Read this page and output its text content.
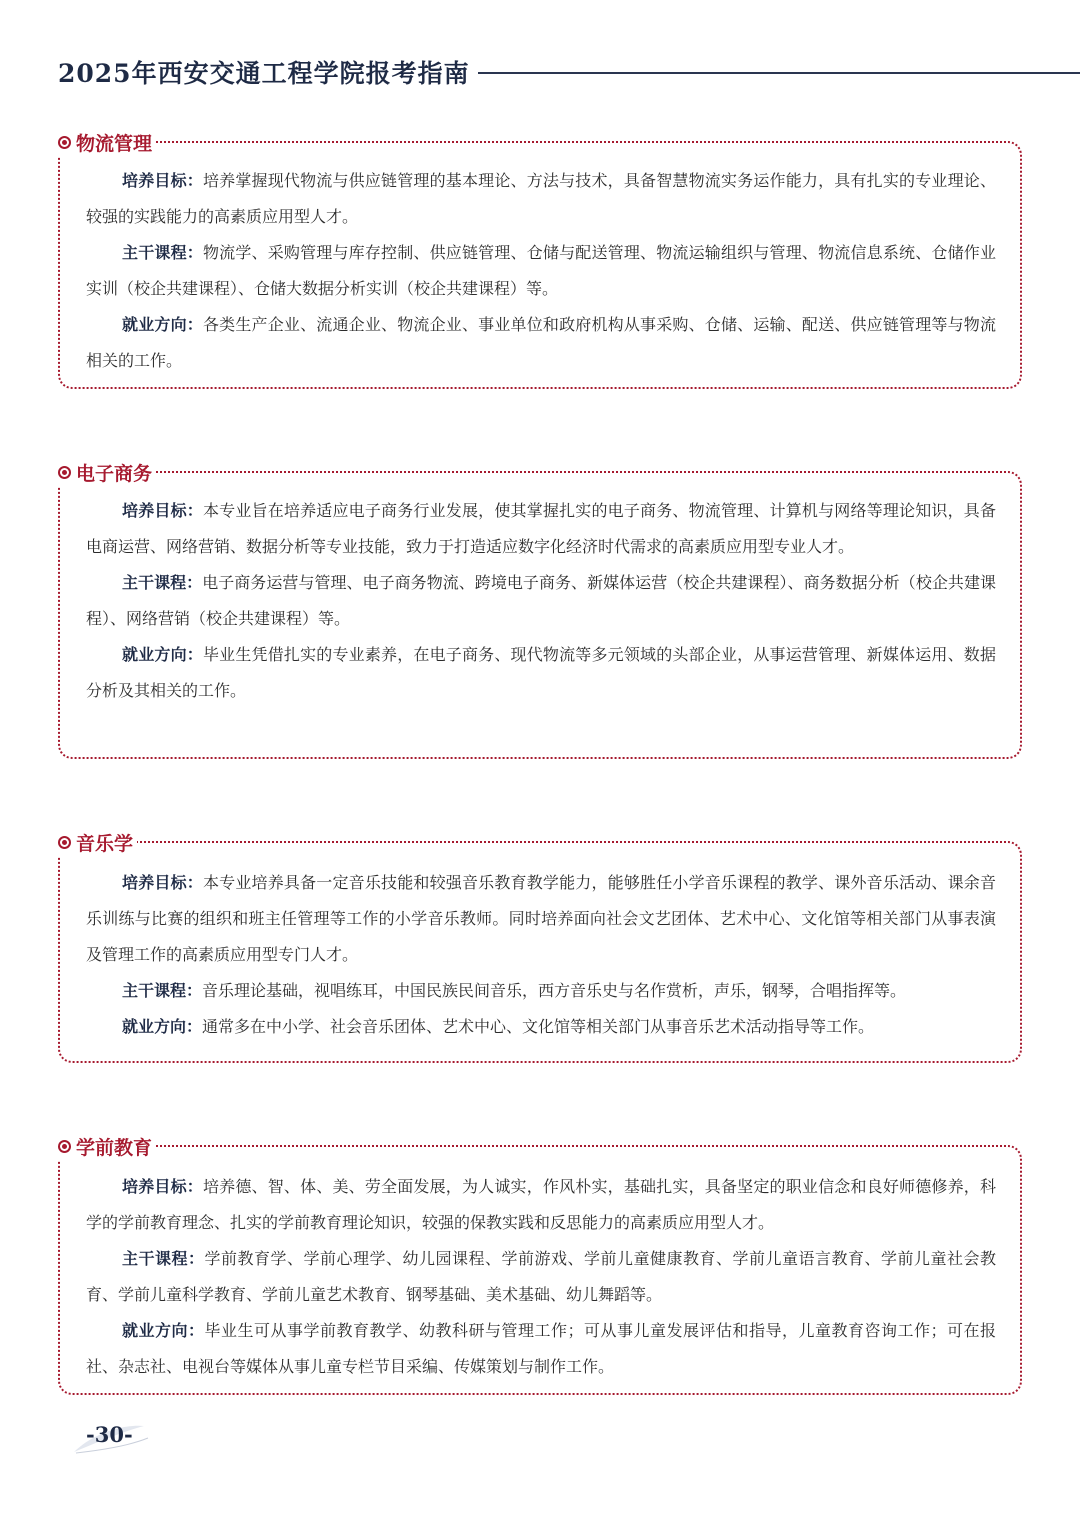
2025年西安交通工程学院报考指南
物流管理

培养目标：培养掌握现代物流与供应链管理的基本理论、方法与技术，具备智慧物流实务运作能力，具有扎实的专业理论、较强的实践能力的高素质应用型人才。

主干课程：物流学、采购管理与库存控制、供应链管理、仓储与配送管理、物流运输组织与管理、物流信息系统、仓储作业实训（校企共建课程）、仓储大数据分析实训（校企共建课程）等。

就业方向：各类生产企业、流通企业、物流企业、事业单位和政府机构从事采购、仓储、运输、配送、供应链管理等与物流相关的工作。

电子商务

培养目标：本专业旨在培养适应电子商务行业发展，使其掌握扎实的电子商务、物流管理、计算机与网络等理论知识，具备电商运营、网络营销、数据分析等专业技能，致力于打造适应数字化经济时代需求的高素质应用型专业人才。

主干课程：电子商务运营与管理、电子商务物流、跨境电子商务、新媒体运营（校企共建课程）、商务数据分析（校企共建课程）、网络营销（校企共建课程）等。

就业方向：毕业生凭借扎实的专业素养，在电子商务、现代物流等多元领域的头部企业，从事运营管理、新媒体运用、数据分析及其相关的工作。

音乐学

培养目标：本专业培养具备一定音乐技能和较强音乐教育教学能力，能够胜任小学音乐课程的教学、课外音乐活动、课余音乐训练与比赛的组织和班主任管理等工作的小学音乐教师。同时培养面向社会文艺团体、艺术中心、文化馆等相关部门从事表演及管理工作的高素质应用型专门人才。

主干课程：音乐理论基础，视唱练耳，中国民族民间音乐，西方音乐史与名作赏析，声乐，钢琴，合唱指挥等。

就业方向：通常多在中小学、社会音乐团体、艺术中心、文化馆等相关部门从事音乐艺术活动指导等工作。

学前教育

培养目标：培养德、智、体、美、劳全面发展，为人诚实，作风朴实，基础扎实，具备坚定的职业信念和良好师德修养，科学的学前教育理念、扎实的学前教育理论知识，较强的保教实践和反思能力的高素质应用型人才。

主干课程：学前教育学、学前心理学、幼儿园课程、学前游戏、学前儿童健康教育、学前儿童语言教育、学前儿童社会教育、学前儿童科学教育、学前儿童艺术教育、钢琴基础、美术基础、幼儿舞蹈等。

就业方向：毕业生可从事学前教育教学、幼教科研与管理工作；可从事儿童发展评估和指导，儿童教育咨询工作；可在报社、杂志社、电视台等媒体从事儿童专栏节目采编、传媒策划与制作工作。

-30-
